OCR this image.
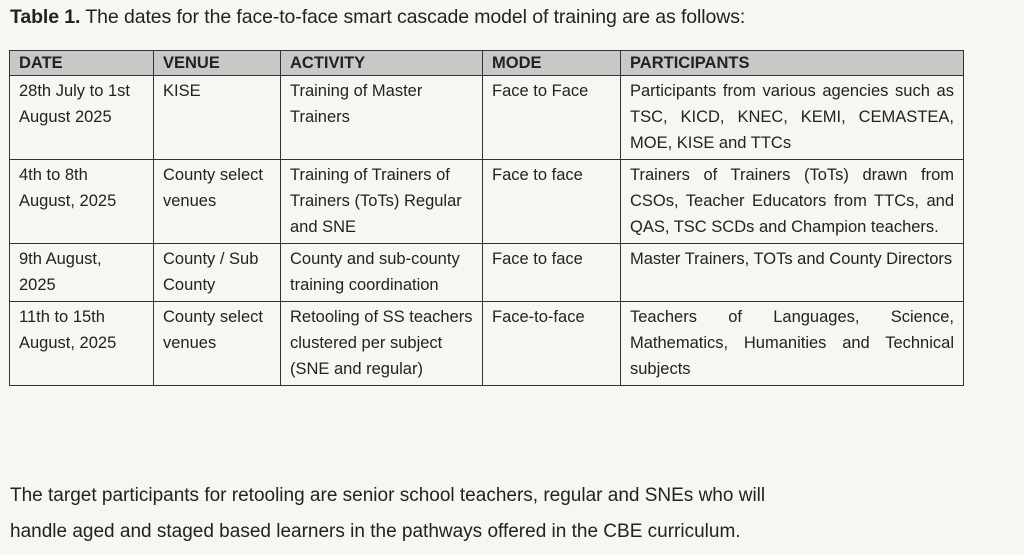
Table 1. The dates for the face-to-face smart cascade model of training are as follows:
DATE	VENUE	ACTIVITY	MODE	PARTICIPANTS
28th July to 1st
August 2025	KISE	Training of Master Trainers	Face to Face	Participants from various agencies such as TSC, KICD, KNEC, KEMI, CEMASTEA, MOE, KISE and TTCs
4th to 8th
August, 2025	County select venues	Training of Trainers of Trainers (ToTs) Regular and SNE	Face to face	Trainers of Trainers (ToTs) drawn from CSOs, Teacher Educators from TTCs, and QAS, TSC SCDs and Champion teachers.
9th August,
2025	County / Sub County	County and sub-county training coordination	Face to face	Master Trainers, TOTs and County Directors
11th to 15th
August, 2025	County select venues	Retooling of SS teachers clustered per subject (SNE and regular)	Face-to-face	Teachers of Languages, Science, Mathematics, Humanities and Technical subjects
The target participants for retooling are senior school teachers, regular and SNEs who will
handle aged and staged based learners in the pathways offered in the CBE curriculum.
